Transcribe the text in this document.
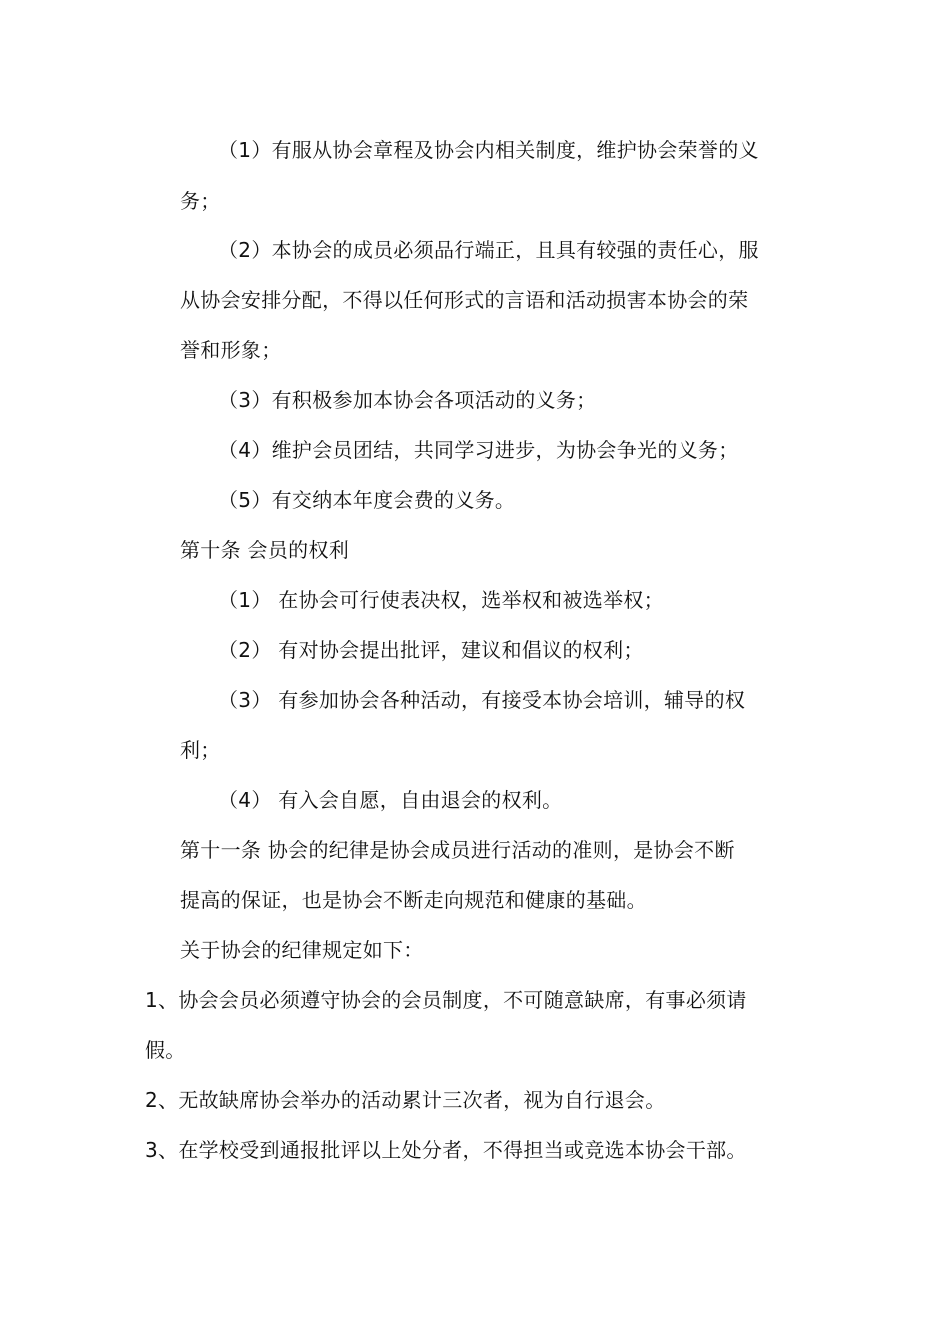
（1）有服从协会章程及协会内相关制度，维护协会荣誉的义
务；
（2）本协会的成员必须品行端正，且具有较强的责任心，服
从协会安排分配，不得以任何形式的言语和活动损害本协会的荣
誉和形象；
（3）有积极参加本协会各项活动的义务；
（4）维护会员团结，共同学习进步，为协会争光的义务；
（5）有交纳本年度会费的义务。
第十条 会员的权利
（1） 在协会可行使表决权，选举权和被选举权；
（2） 有对协会提出批评，建议和倡议的权利；
（3） 有参加协会各种活动，有接受本协会培训，辅导的权
利；
（4） 有入会自愿，自由退会的权利。
第十一条 协会的纪律是协会成员进行活动的准则，是协会不断
提高的保证，也是协会不断走向规范和健康的基础。
关于协会的纪律规定如下：
1、协会会员必须遵守协会的会员制度，不可随意缺席，有事必须请
假。
2、无故缺席协会举办的活动累计三次者，视为自行退会。
3、在学校受到通报批评以上处分者，不得担当或竞选本协会干部。
